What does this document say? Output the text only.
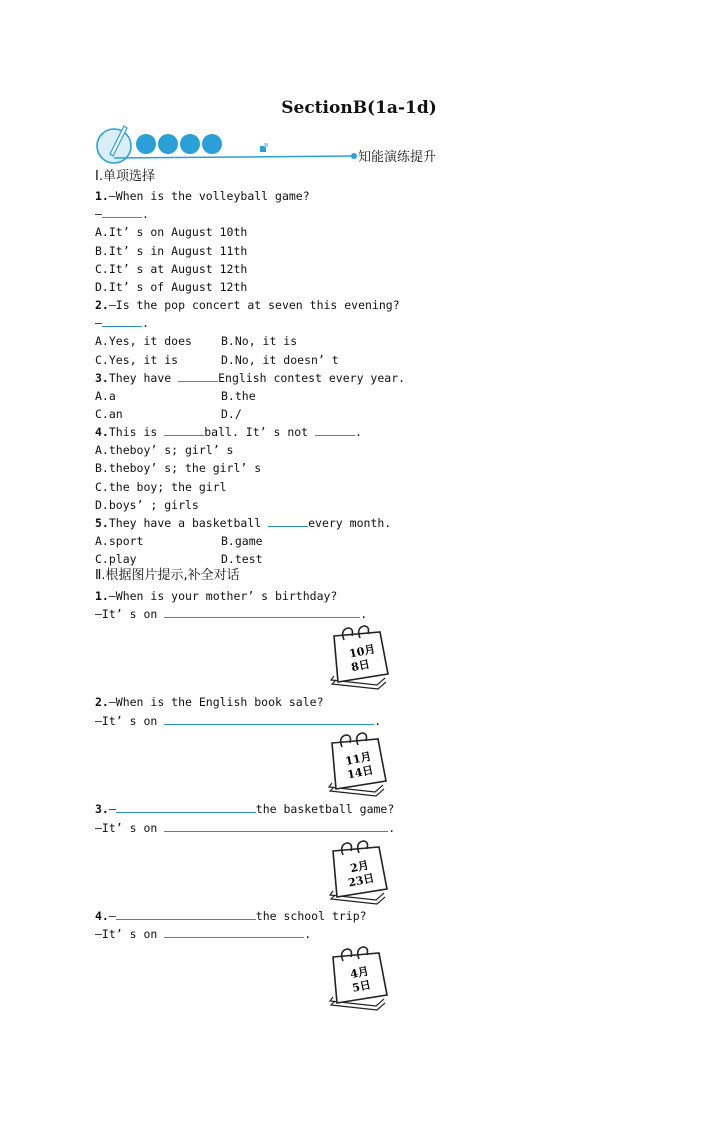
SectionB(1a-1d)
知能演练提升
Ⅰ.单项选择
1.—When is the volleyball game?
—	.
A.It’ s on August 10th
B.It’ s in August 11th
C.It’ s at August 12th
D.It’ s of August 12th
2.—Is the pop concert at seven this evening?
—	.
A.Yes, it does	B.No, it is
C.Yes, it is	D.No, it doesn’ t
3.They have	English contest every year.
A.a	B.the
C.an	D./
4.This is	ball. It’ s not	.
A.theboy’ s; girl’ s
B.theboy’ s; the girl’ s
C.the boy; the girl
D.boys’ ; girls
5.They have a basketball	every month.
A.sport	B.game
C.play	D.test
Ⅱ.根据图片提示,补全对话
1.—When is your mother’ s birthday?
—It’ s on	.
10月
8日
2.—When is the English book sale?
—It’ s on	.
11月
14日
3.—	the basketball game?
—It’ s on	.
2月
23日
4.—	the school trip?
—It’ s on	.
4月
5日
